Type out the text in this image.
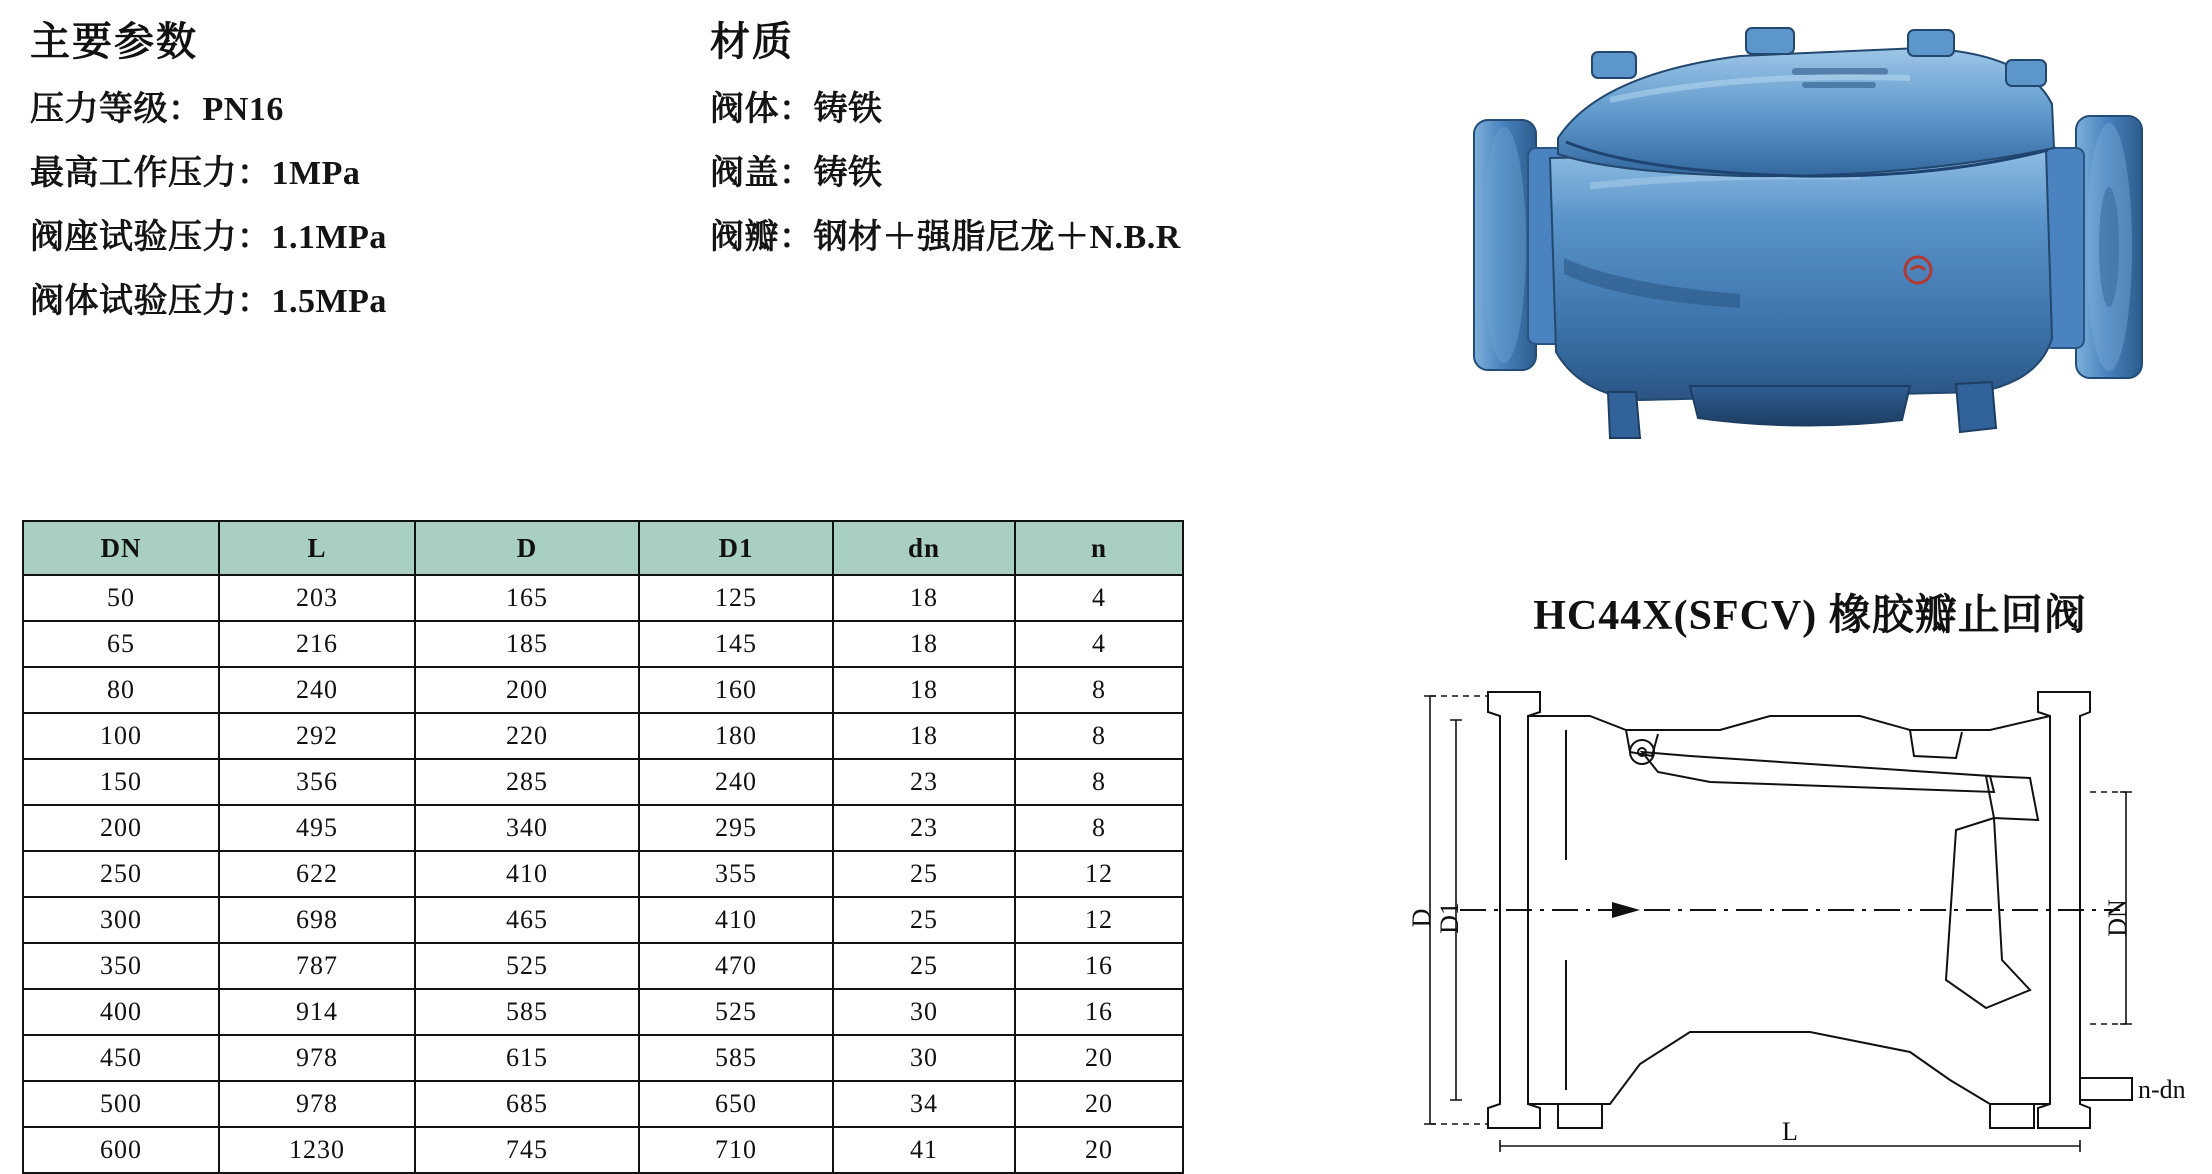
主要参数
压力等级：PN16
最高工作压力：1MPa
阀座试验压力：1.1MPa
阀体试验压力：1.5MPa
材质
阀体：铸铁
阀盖：铸铁
阀瓣：钢材＋强脂尼龙＋N.B.R
DN	L	D	D1	dn	n
50	203	165	125	18	4
65	216	185	145	18	4
80	240	200	160	18	8
100	292	220	180	18	8
150	356	285	240	23	8
200	495	340	295	23	8
250	622	410	355	25	12
300	698	465	410	25	12
350	787	525	470	25	16
400	914	585	525	30	16
450	978	615	585	30	20
500	978	685	650	34	20
600	1230	745	710	41	20
HC44X(SFCV) 橡胶瓣止回阀
D D1	DN
L
n-dn
